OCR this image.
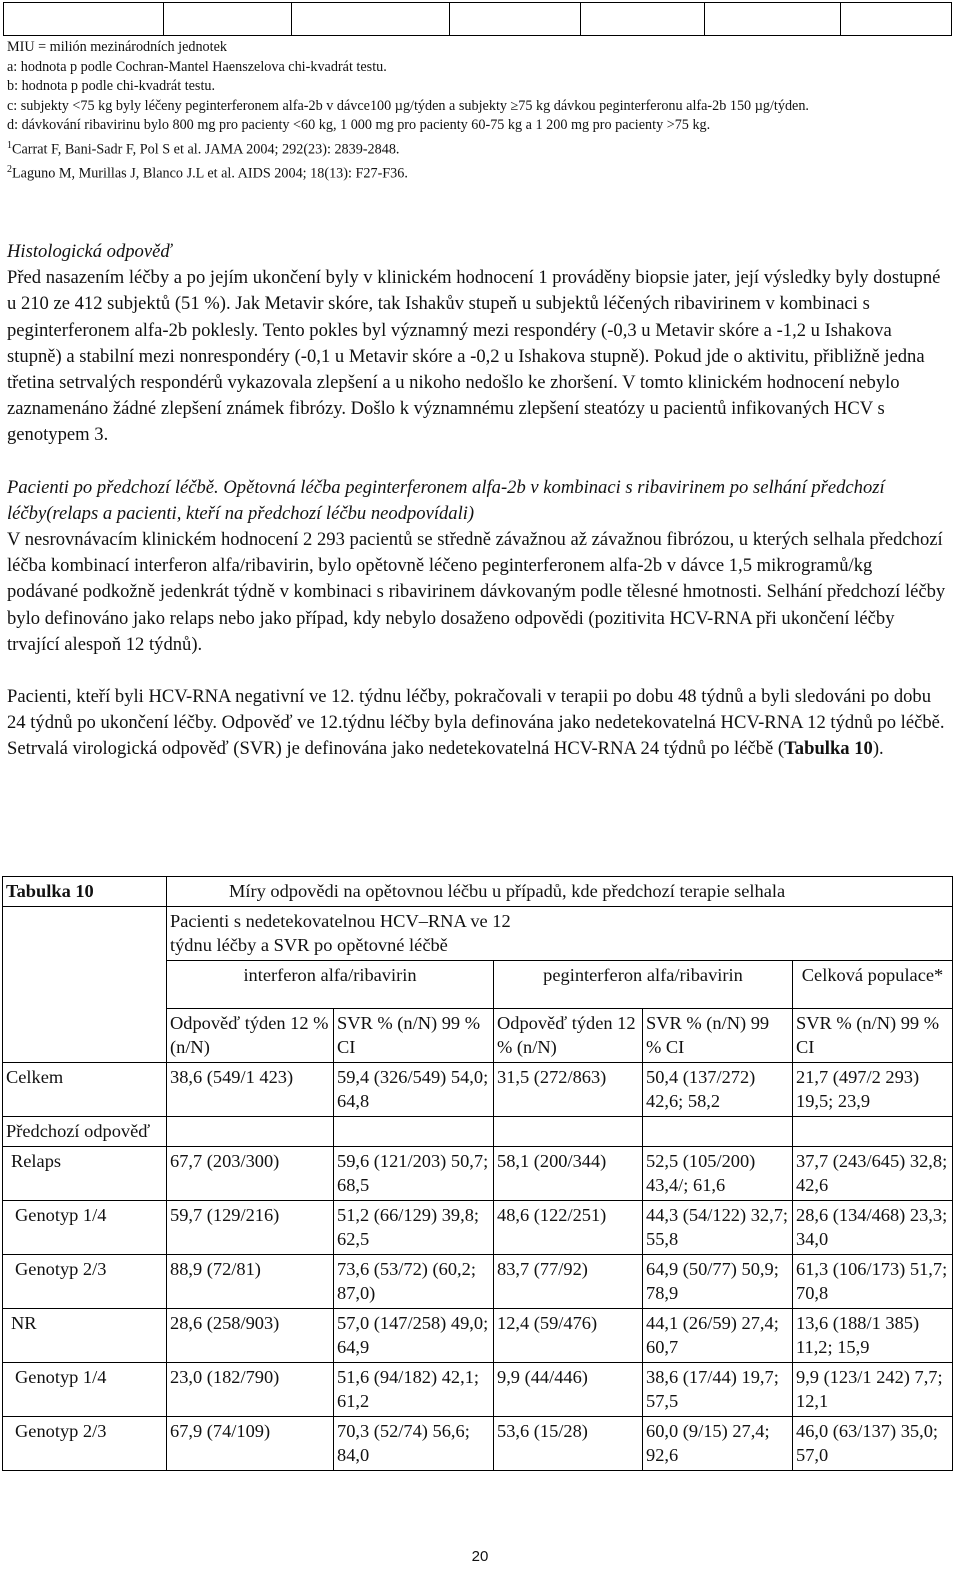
MIU = milión mezinárodních jednotek

a: hodnota p podle Cochran-Mantel Haenszelova chi-kvadrát testu.

b: hodnota p podle chi-kvadrát testu.

c: subjekty <75 kg byly léčeny peginterferonem alfa-2b v dávce100 µg/týden a subjekty ≥75 kg dávkou peginterferonu alfa-2b 150 µg/týden.

d: dávkování ribavirinu bylo 800 mg pro pacienty <60 kg, 1 000 mg pro pacienty 60-75 kg a 1 200 mg pro pacienty >75 kg.

$^1$Carrat F, Bani-Sadr F, Pol S et al. JAMA 2004; 292(23): 2839-2848.

$^2$Laguno M, Murillas J, Blanco J.L et al. AIDS 2004; 18(13): F27-F36.

Histologická odpověď

Před nasazením léčby a po jejím ukončení byly v klinickém hodnocení 1 prováděny biopsie jater, její výsledky byly dostupné u 210 ze 412 subjektů (51 %). Jak Metavir skóre, tak Ishakův stupeň u subjektů léčených ribavirinem v kombinaci s peginterferonem alfa-2b poklesly. Tento pokles byl významný mezi respondéry (-0,3 u Metavir skóre a -1,2 u Ishakova stupně) a stabilní mezi nonrespondéry (-0,1 u Metavir skóre a -0,2 u Ishakova stupně). Pokud jde o aktivitu, přibližně jedna třetina setrvalých respondérů vykazovala zlepšení a u nikoho nedošlo ke zhoršení. V tomto klinickém hodnocení nebylo zaznamenáno žádné zlepšení známek fibrózy. Došlo k významnému zlepšení steatózy u pacientů infikovaných HCV s genotypem 3.

Pacienti po předchozí léčbě. Opětovná léčba peginterferonem alfa-2b v kombinaci s ribavirinem po selhání předchozí léčby(relaps a pacienti, kteří na předchozí léčbu neodpovídali)

V nesrovnávacím klinickém hodnocení 2 293 pacientů se středně závažnou až závažnou fibrózou, u kterých selhala předchozí léčba kombinací interferon alfa/ribavirin, bylo opětovně léčeno peginterferonem alfa-2b v dávce 1,5 mikrogramů/kg podávané podkožně jedenkrát týdně v kombinaci s ribavirinem dávkovaným podle tělesné hmotnosti. Selhání předchozí léčby bylo definováno jako relaps nebo jako případ, kdy nebylo dosaženo odpovědi (pozitivita HCV-RNA při ukončení léčby trvající alespoň 12 týdnů).

Pacienti, kteří byli HCV-RNA negativní ve 12. týdnu léčby, pokračovali v terapii po dobu 48 týdnů a byli sledováni po dobu 24 týdnů po ukončení léčby. Odpověď ve 12.týdnu léčby byla definována jako nedetekovatelná HCV-RNA 12 týdnů po léčbě. Setrvalá virologická odpověď (SVR) je definována jako nedetekovatelná HCV-RNA 24 týdnů po léčbě (Tabulka 10).

Tabulka 10	Míry odpovědi na opětovnou léčbu u případů, kde předchozí terapie selhala				

	Pacienti s nedetekovatelnou HCV–RNA ve 12 týdnu léčby a SVR po opětovné léčbě				

	interferon alfa/ribavirin		peginterferon alfa/ribavirin		Celková populace*
	Odpověď týden 12 % (n/N)	SVR % (n/N) 99 % CI	Odpověď týden 12 % (n/N)	SVR % (n/N) 99 % CI	SVR % (n/N) 99 % CI
Celkem	38,6 (549/1 423)	59,4 (326/549) 54,0; 64,8	31,5 (272/863)	50,4 (137/272) 42,6; 58,2	21,7 (497/2 293) 19,5; 23,9
Předchozí odpověď					
Relaps	67,7 (203/300)	59,6 (121/203) 50,7; 68,5	58,1 (200/344)	52,5 (105/200) 43,4/; 61,6	37,7 (243/645) 32,8; 42,6
Genotyp 1/4	59,7 (129/216)	51,2 (66/129) 39,8; 62,5	48,6 (122/251)	44,3 (54/122) 32,7; 55,8	28,6 (134/468) 23,3; 34,0
Genotyp 2/3	88,9 (72/81)	73,6 (53/72) (60,2; 87,0)	83,7 (77/92)	64,9 (50/77) 50,9; 78,9	61,3 (106/173) 51,7; 70,8
NR	28,6 (258/903)	57,0 (147/258) 49,0; 64,9	12,4 (59/476)	44,1 (26/59) 27,4; 60,7	13,6 (188/1 385) 11,2; 15,9
Genotyp 1/4	23,0 (182/790)	51,6 (94/182) 42,1; 61,2	9,9 (44/446)	38,6 (17/44) 19,7; 57,5	9,9 (123/1 242) 7,7; 12,1
Genotyp 2/3	67,9 (74/109)	70,3 (52/74) 56,6; 84,0	53,6 (15/28)	60,0 (9/15) 27,4; 92,6	46,0 (63/137) 35,0; 57,0
20
